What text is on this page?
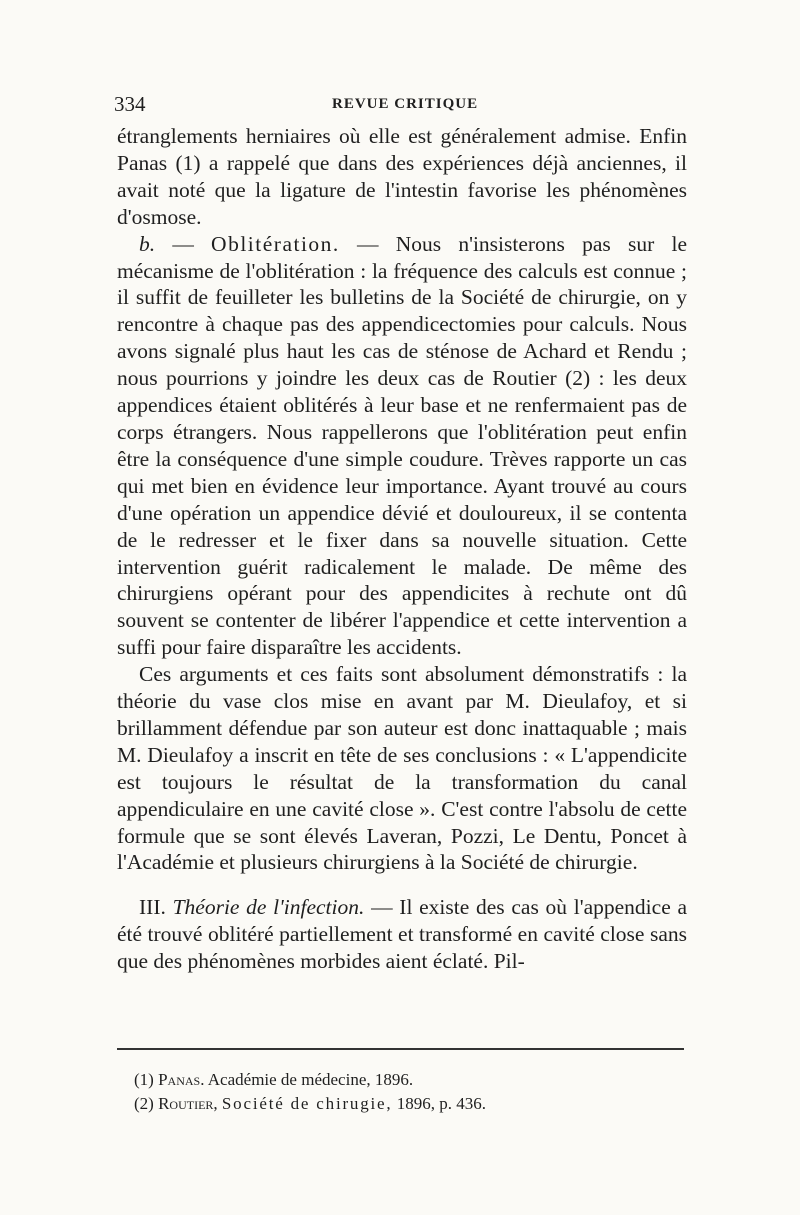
334	REVUE CRITIQUE

étranglements herniaires où elle est généralement admise. Enfin Panas (1) a rappelé que dans des expériences déjà anciennes, il avait noté que la ligature de l'intestin favorise les phénomènes d'osmose.

b. — Oblitération. — Nous n'insisterons pas sur le mécanisme de l'oblitération : la fréquence des calculs est connue ; il suffit de feuilleter les bulletins de la Société de chirurgie, on y rencontre à chaque pas des appendicectomies pour calculs. Nous avons signalé plus haut les cas de sténose de Achard et Rendu ; nous pourrions y joindre les deux cas de Routier (2) : les deux appendices étaient oblitérés à leur base et ne renfermaient pas de corps étrangers. Nous rappellerons que l'oblitération peut enfin être la conséquence d'une simple coudure. Trèves rapporte un cas qui met bien en évidence leur importance. Ayant trouvé au cours d'une opération un appendice dévié et douloureux, il se contenta de le redresser et le fixer dans sa nouvelle situation. Cette intervention guérit radicalement le malade. De même des chirurgiens opérant pour des appendicites à rechute ont dû souvent se contenter de libérer l'appendice et cette intervention a suffi pour faire disparaître les accidents.

Ces arguments et ces faits sont absolument démonstratifs : la théorie du vase clos mise en avant par M. Dieulafoy, et si brillamment défendue par son auteur est donc inattaquable ; mais M. Dieulafoy a inscrit en tête de ses conclusions : « L'appendicite est toujours le résultat de la transformation du canal appendiculaire en une cavité close ». C'est contre l'absolu de cette formule que se sont élevés Laveran, Pozzi, Le Dentu, Poncet à l'Académie et plusieurs chirurgiens à la Société de chirurgie.

III. Théorie de l'infection. — Il existe des cas où l'appendice a été trouvé oblitéré partiellement et transformé en cavité close sans que des phénomènes morbides aient éclaté. Pil-

(1) Panas. Académie de médecine, 1896.
(2) Routier, Société de chirugie, 1896, p. 436.
